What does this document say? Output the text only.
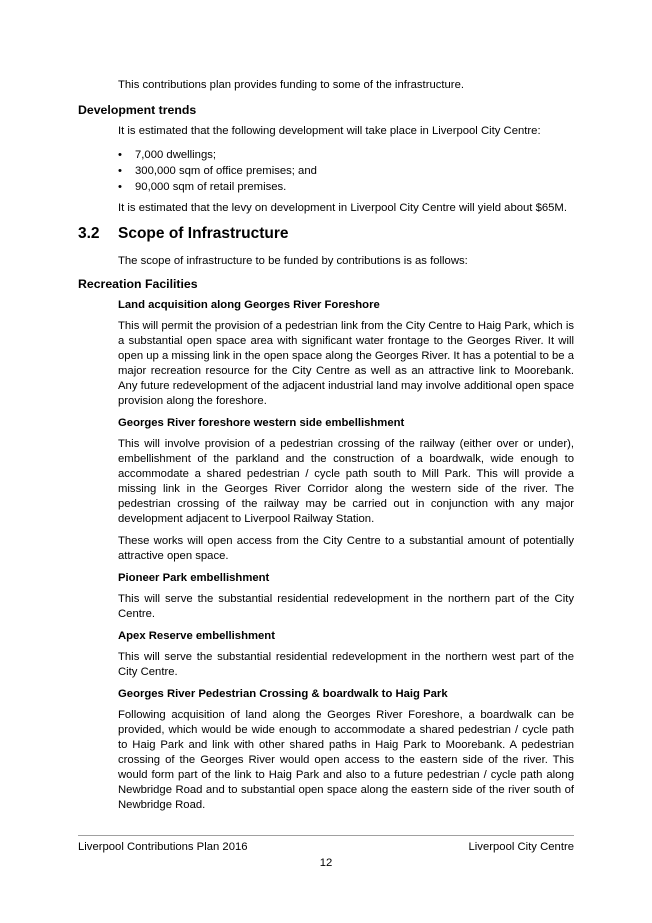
This contributions plan provides funding to some of the infrastructure.

Development trends

It is estimated that the following development will take place in Liverpool City Centre:

• 7,000 dwellings;
• 300,000 sqm of office premises; and
• 90,000 sqm of retail premises.

It is estimated that the levy on development in Liverpool City Centre will yield about $65M.

3.2 Scope of Infrastructure

The scope of infrastructure to be funded by contributions is as follows:

Recreation Facilities

Land acquisition along Georges River Foreshore

This will permit the provision of a pedestrian link from the City Centre to Haig Park, which is a substantial open space area with significant water frontage to the Georges River. It will open up a missing link in the open space along the Georges River. It has a potential to be a major recreation resource for the City Centre as well as an attractive link to Moorebank. Any future redevelopment of the adjacent industrial land may involve additional open space provision along the foreshore.

Georges River foreshore western side embellishment

This will involve provision of a pedestrian crossing of the railway (either over or under), embellishment of the parkland and the construction of a boardwalk, wide enough to accommodate a shared pedestrian / cycle path south to Mill Park. This will provide a missing link in the Georges River Corridor along the western side of the river. The pedestrian crossing of the railway may be carried out in conjunction with any major development adjacent to Liverpool Railway Station.

These works will open access from the City Centre to a substantial amount of potentially attractive open space.

Pioneer Park embellishment

This will serve the substantial residential redevelopment in the northern part of the City Centre.

Apex Reserve embellishment

This will serve the substantial residential redevelopment in the northern west part of the City Centre.

Georges River Pedestrian Crossing & boardwalk to Haig Park

Following acquisition of land along the Georges River Foreshore, a boardwalk can be provided, which would be wide enough to accommodate a shared pedestrian / cycle path to Haig Park and link with other shared paths in Haig Park to Moorebank. A pedestrian crossing of the Georges River would open access to the eastern side of the river. This would form part of the link to Haig Park and also to a future pedestrian / cycle path along Newbridge Road and to substantial open space along the eastern side of the river south of Newbridge Road.

Liverpool Contributions Plan 2016	Liverpool City Centre
12
